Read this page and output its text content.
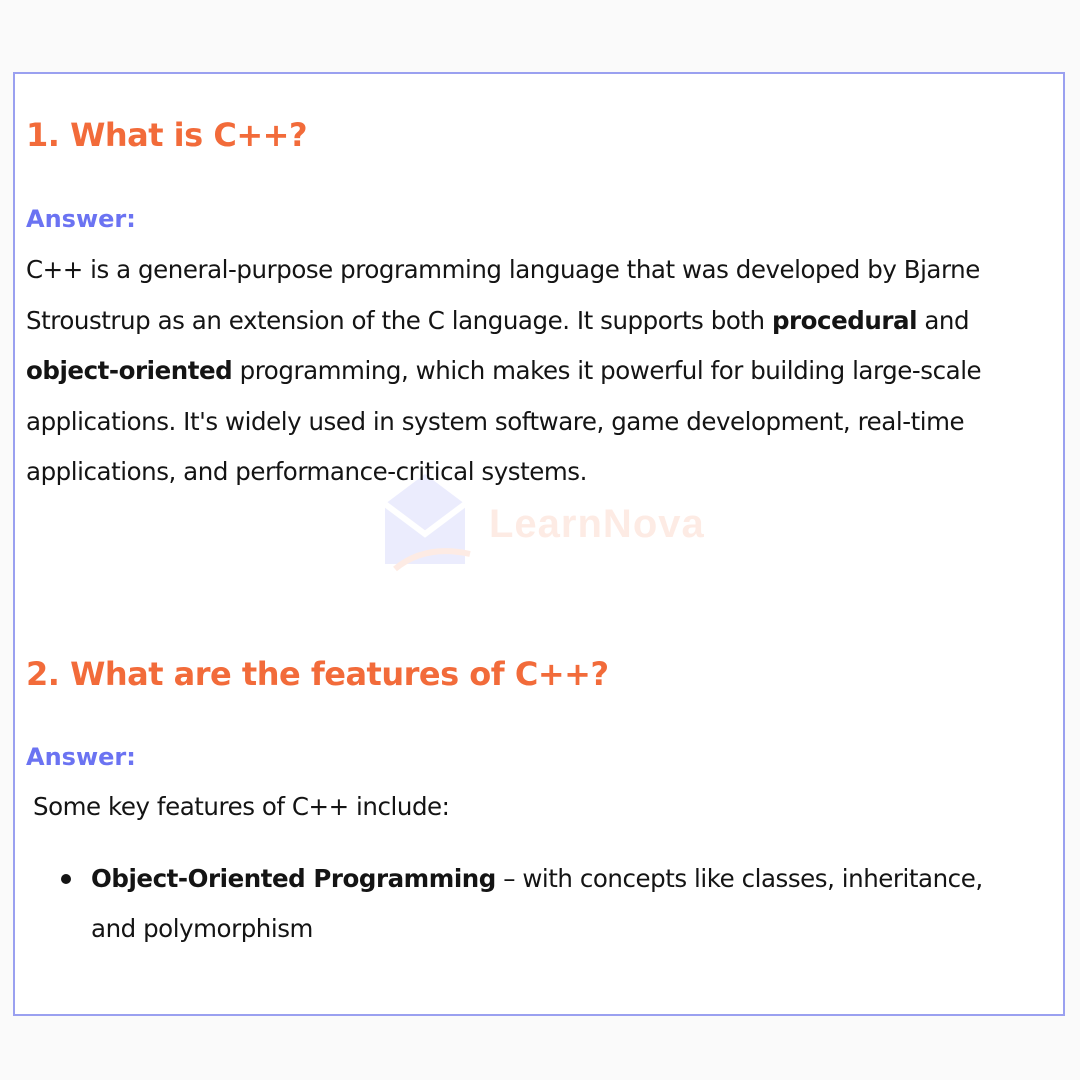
LearnNova
1. What is C++?
Answer:

C++ is a general-purpose programming language that was developed by Bjarne Stroustrup as an extension of the C language. It supports both procedural and object-oriented programming, which makes it powerful for building large-scale applications. It's widely used in system software, game development, real-time applications, and performance-critical systems.

2. What are the features of C++?
Answer:

Some key features of C++ include:

Object-Oriented Programming – with concepts like classes, inheritance, and polymorphism
